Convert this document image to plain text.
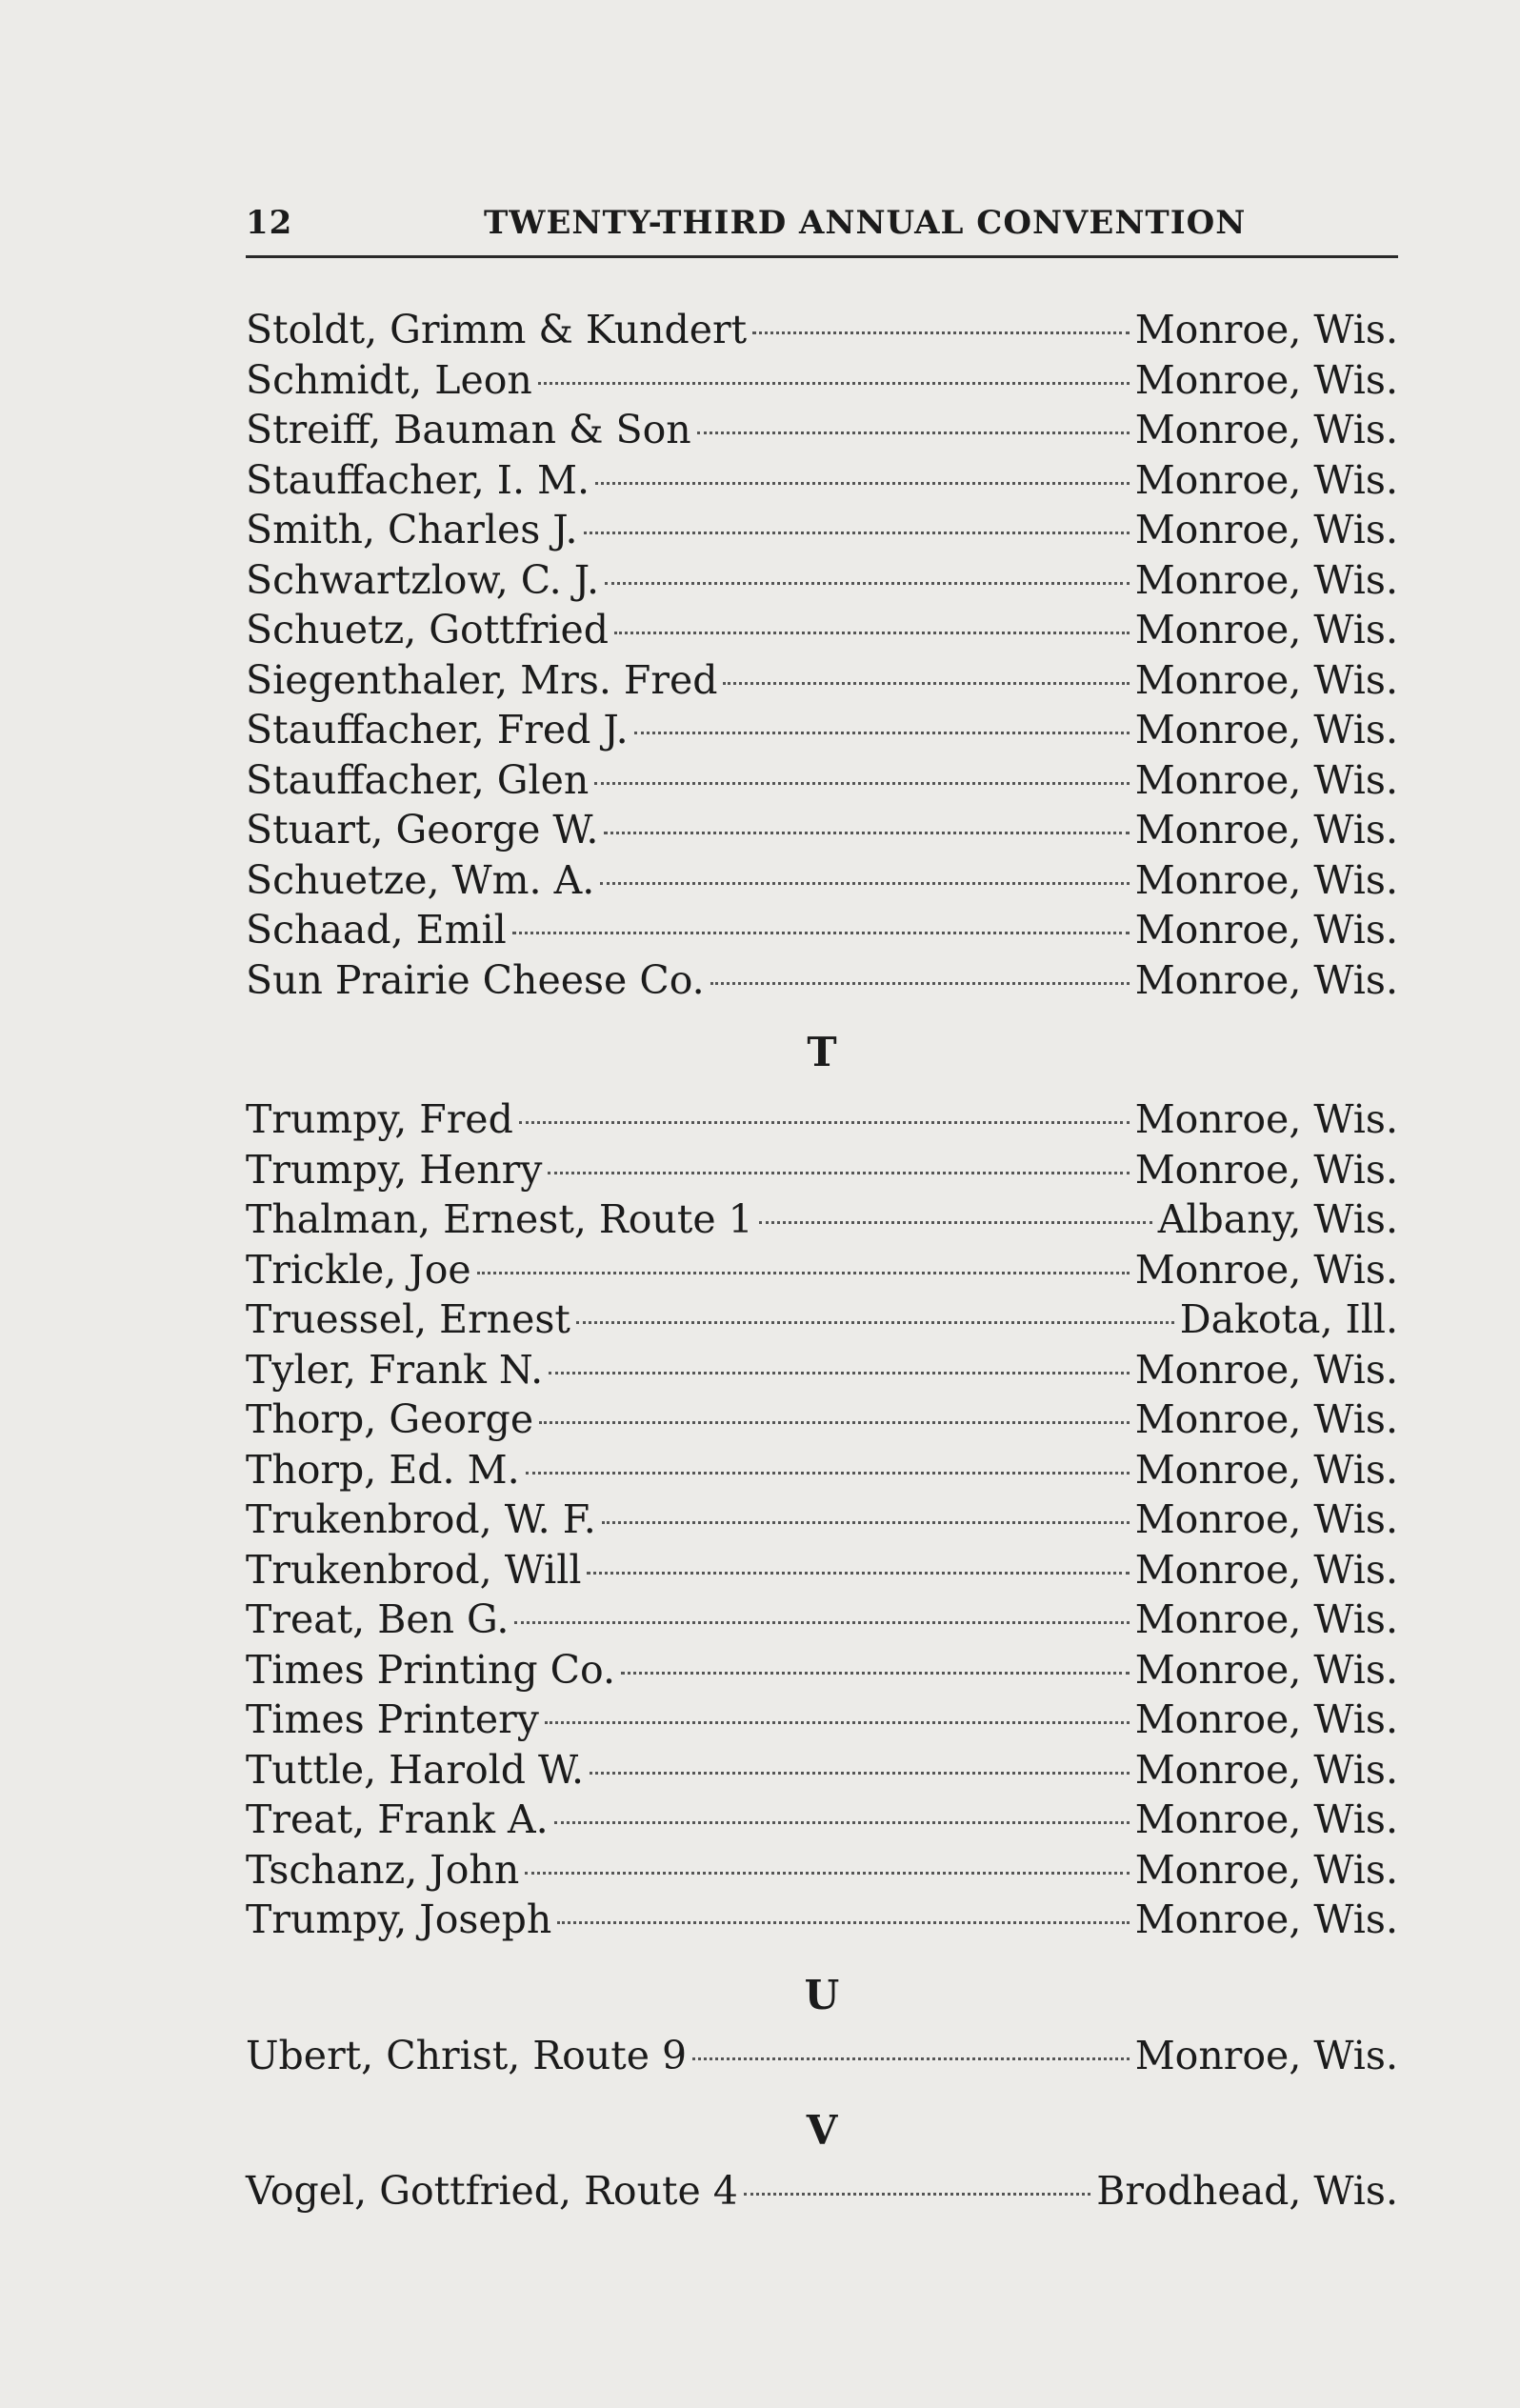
12	TWENTY-THIRD ANNUAL CONVENTION
Stoldt, Grimm & Kundert	Monroe, Wis.
Schmidt, Leon	Monroe, Wis.
Streiff, Bauman & Son	Monroe, Wis.
Stauffacher, I. M.	Monroe, Wis.
Smith, Charles J.	Monroe, Wis.
Schwartzlow, C. J.	Monroe, Wis.
Schuetz, Gottfried	Monroe, Wis.
Siegenthaler, Mrs. Fred	Monroe, Wis.
Stauffacher, Fred J.	Monroe, Wis.
Stauffacher, Glen	Monroe, Wis.
Stuart, George W.	Monroe, Wis.
Schuetze, Wm. A.	Monroe, Wis.
Schaad, Emil	Monroe, Wis.
Sun Prairie Cheese Co.	Monroe, Wis.
T
Trumpy, Fred	Monroe, Wis.
Trumpy, Henry	Monroe, Wis.
Thalman, Ernest, Route 1	Albany, Wis.
Trickle, Joe	Monroe, Wis.
Truessel, Ernest	Dakota, Ill.
Tyler, Frank N.	Monroe, Wis.
Thorp, George	Monroe, Wis.
Thorp, Ed. M.	Monroe, Wis.
Trukenbrod, W. F.	Monroe, Wis.
Trukenbrod, Will	Monroe, Wis.
Treat, Ben G.	Monroe, Wis.
Times Printing Co.	Monroe, Wis.
Times Printery	Monroe, Wis.
Tuttle, Harold W.	Monroe, Wis.
Treat, Frank A.	Monroe, Wis.
Tschanz, John	Monroe, Wis.
Trumpy, Joseph	Monroe, Wis.
U
Ubert, Christ, Route 9	Monroe, Wis.
V
Vogel, Gottfried, Route 4	Brodhead, Wis.
